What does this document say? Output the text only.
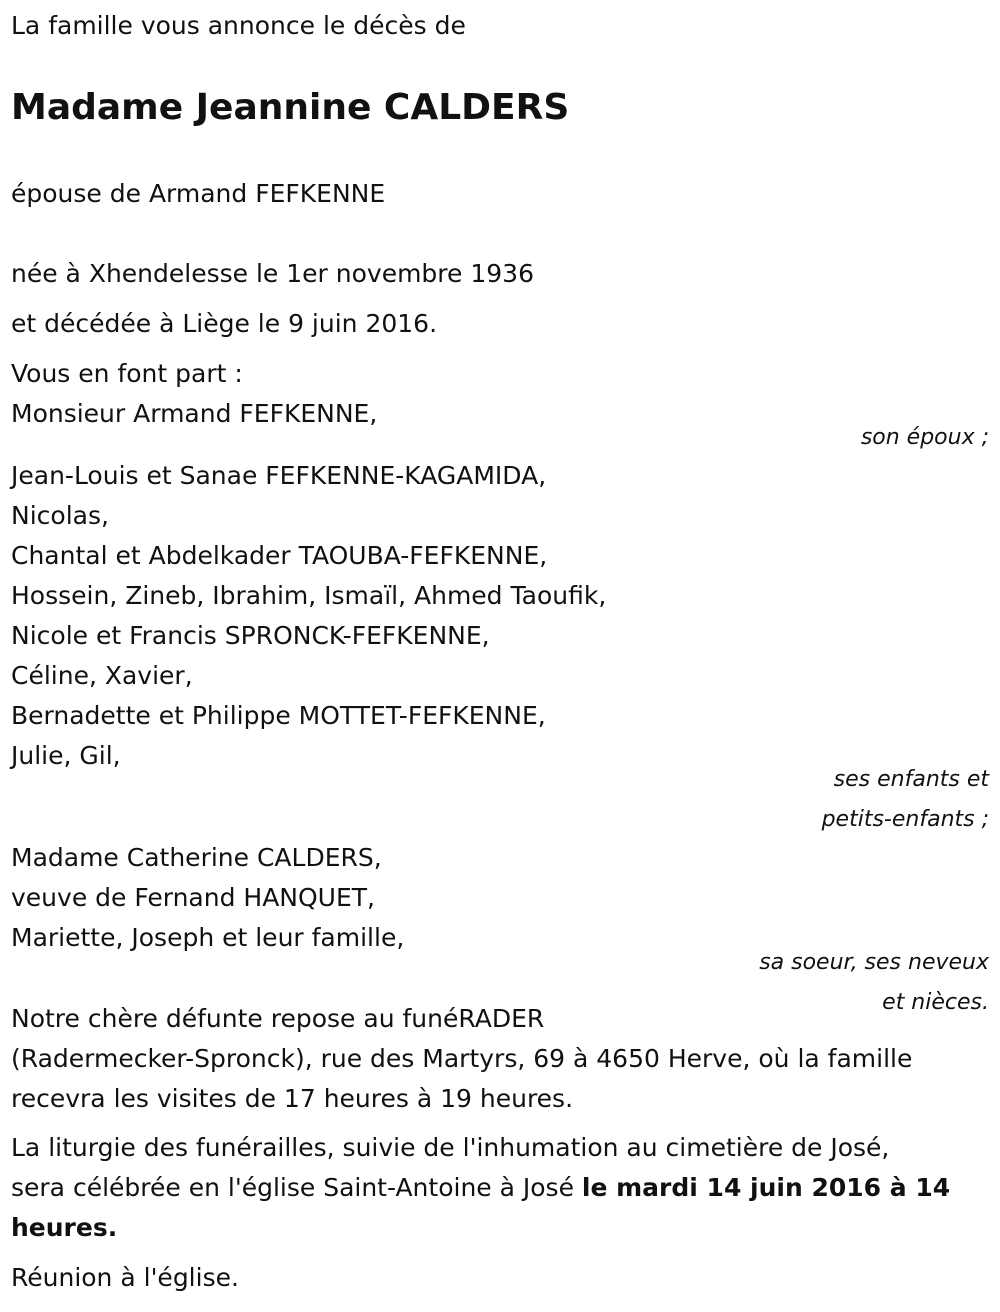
La famille vous annonce le décès de
Madame Jeannine CALDERS
épouse de Armand FEFKENNE
née à Xhendelesse le 1er novembre 1936
et décédée à Liège le 9 juin 2016.
Vous en font part :
Monsieur Armand FEFKENNE,
son époux ;
Jean-Louis et Sanae FEFKENNE-KAGAMIDA,
Nicolas,
Chantal et Abdelkader TAOUBA-FEFKENNE,
Hossein, Zineb, Ibrahim, Ismaïl, Ahmed Taoufik,
Nicole et Francis SPRONCK-FEFKENNE,
Céline, Xavier,
Bernadette et Philippe MOTTET-FEFKENNE,
Julie, Gil,
ses enfants et
petits-enfants ;
Madame Catherine CALDERS,
veuve de Fernand HANQUET,
Mariette, Joseph et leur famille,
sa soeur, ses neveux
et nièces.
Notre chère défunte repose au funéRADER
(Radermecker-Spronck), rue des Martyrs, 69 à 4650 Herve, où la famille
recevra les visites de 17 heures à 19 heures.
La liturgie des funérailles, suivie de l'inhumation au cimetière de José,
sera célébrée en l'église Saint-Antoine à José le mardi 14 juin 2016 à 14
heures.
Réunion à l'église.
